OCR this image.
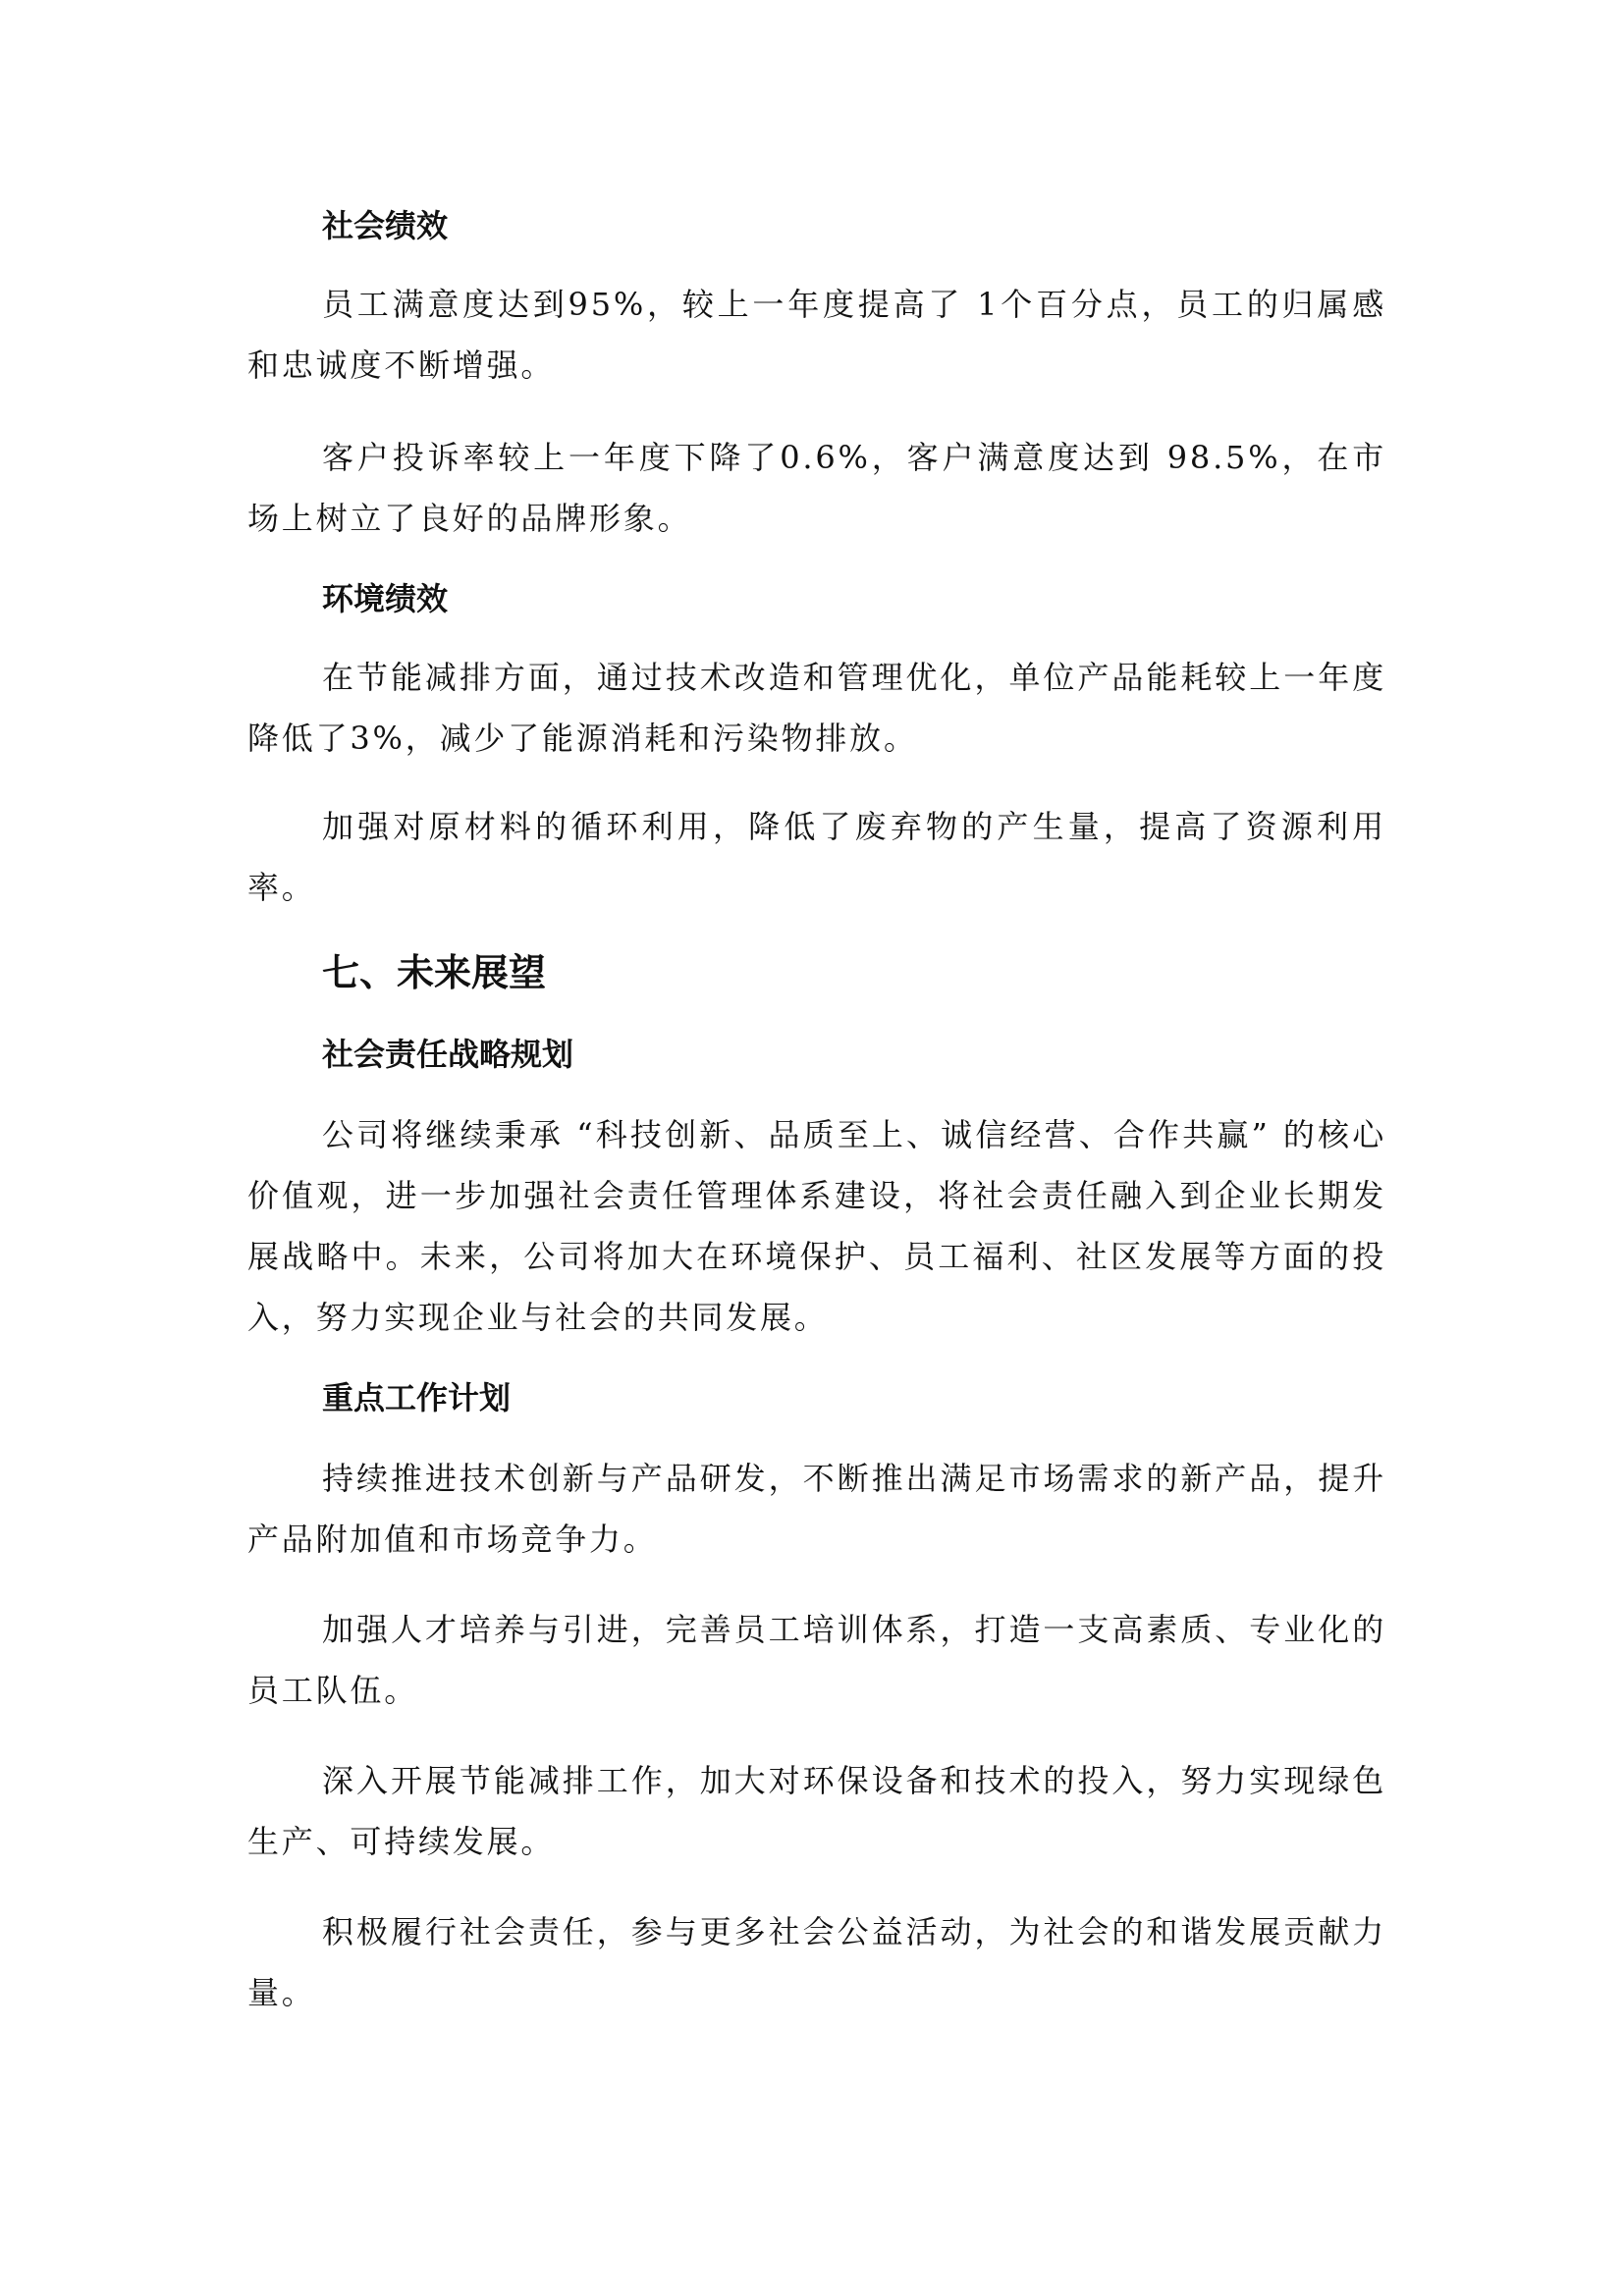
社会绩效

员工满意度达到95%，较上一年度提高了 1个百分点，员工的归属感和忠诚度不断增强。

客户投诉率较上一年度下降了0.6%，客户满意度达到 98.5%，在市场上树立了良好的品牌形象。

环境绩效

在节能减排方面，通过技术改造和管理优化，单位产品能耗较上一年度降低了3%，减少了能源消耗和污染物排放。

加强对原材料的循环利用，降低了废弃物的产生量，提高了资源利用率。

七、未来展望
社会责任战略规划

公司将继续秉承 “科技创新、品质至上、诚信经营、合作共赢” 的核心价值观，进一步加强社会责任管理体系建设，将社会责任融入到企业长期发展战略中。未来，公司将加大在环境保护、员工福利、社区发展等方面的投入，努力实现企业与社会的共同发展。

重点工作计划

持续推进技术创新与产品研发，不断推出满足市场需求的新产品，提升产品附加值和市场竞争力。

加强人才培养与引进，完善员工培训体系，打造一支高素质、专业化的员工队伍。

深入开展节能减排工作，加大对环保设备和技术的投入，努力实现绿色生产、可持续发展。

积极履行社会责任，参与更多社会公益活动，为社会的和谐发展贡献力量。
